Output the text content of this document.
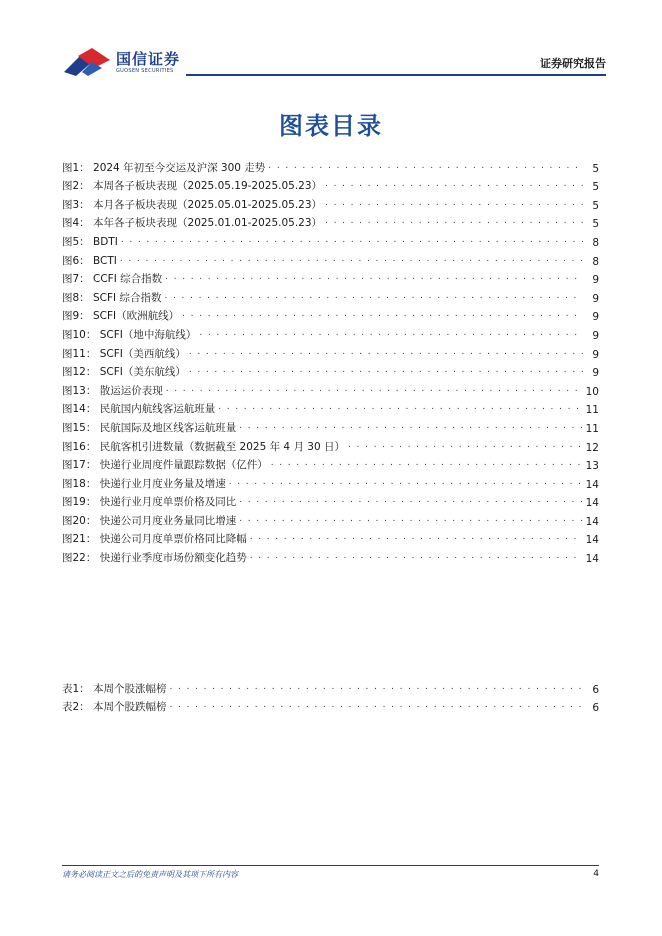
国信证券
GUOSEN SECURITIES
证券研究报告
图表目录
图1： 2024 年初至今交运及沪深 300 走势 . . .	5
图2： 本周各子板块表现（2025.05.19-2025.05.23） . . .	5
图3： 本月各子板块表现（2025.05.01-2025.05.23） . . .	5
图4： 本年各子板块表现（2025.01.01-2025.05.23） . . .	5
图5： BDTI . . .	8
图6： BCTI . . .	8
图7： CCFI 综合指数 . . .	9
图8： SCFI 综合指数 . . .	9
图9： SCFI（欧洲航线） . . .	9
图10： SCFI（地中海航线） . . .	9
图11： SCFI（美西航线） . . .	9
图12： SCFI（美东航线） . . .	9
图13： 散运运价表现 . . .	10
图14： 民航国内航线客运航班量 . . .	11
图15： 民航国际及地区线客运航班量 . . .	11
图16： 民航客机引进数量（数据截至 2025 年 4 月 30 日） . . .	12
图17： 快递行业周度件量跟踪数据（亿件） . . .	13
图18： 快递行业月度业务量及增速 . . .	14
图19： 快递行业月度单票价格及同比 . . .	14
图20： 快递公司月度业务量同比增速 . . .	14
图21： 快递公司月度单票价格同比降幅 . . .	14
图22： 快递行业季度市场份额变化趋势 . . .	14
表1： 本周个股涨幅榜 . . .	6
表2： 本周个股跌幅榜 . . .	6
请务必阅读正文之后的免责声明及其项下所有内容	4
